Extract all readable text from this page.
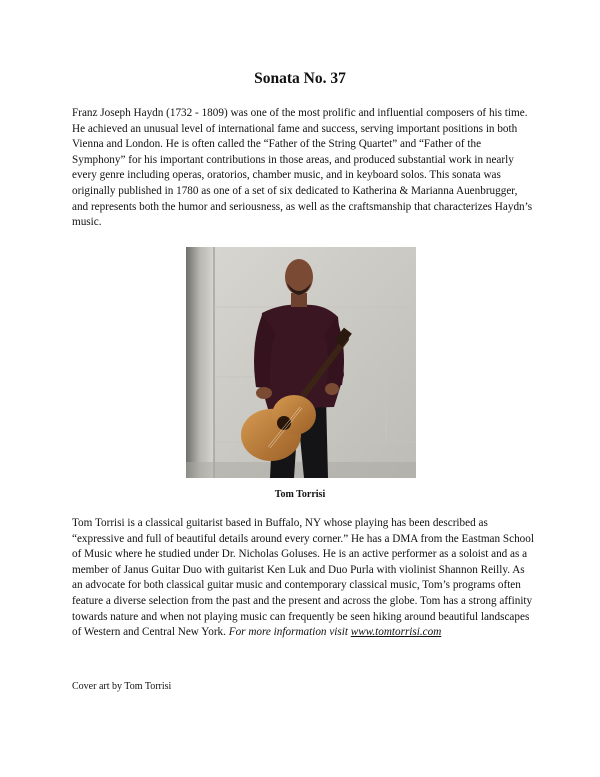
Sonata No. 37

Franz Joseph Haydn (1732 - 1809) was one of the most prolific and influential composers of his time. He achieved an unusual level of international fame and success, serving important positions in both Vienna and London. He is often called the “Father of the String Quartet” and “Father of the Symphony” for his important contributions in those areas, and produced substantial work in nearly every genre including operas, oratorios, chamber music, and in keyboard solos. This sonata was originally published in 1780 as one of a set of six dedicated to Katherina & Marianna Auenbrugger, and represents both the humor and seriousness, as well as the craftsmanship that characterizes Haydn’s music.

Tom Torrisi

Tom Torrisi is a classical guitarist based in Buffalo, NY whose playing has been described as “expressive and full of beautiful details around every corner.” He has a DMA from the Eastman School of Music where he studied under Dr. Nicholas Goluses. He is an active performer as a soloist and as a member of Janus Guitar Duo with guitarist Ken Luk and Duo Purla with violinist Shannon Reilly. As an advocate for both classical guitar music and contemporary classical music, Tom’s programs often feature a diverse selection from the past and the present and across the globe. Tom has a strong affinity towards nature and when not playing music can frequently be seen hiking around beautiful landscapes of Western and Central New York. For more information visit www.tomtorrisi.com

Cover art by Tom Torrisi
